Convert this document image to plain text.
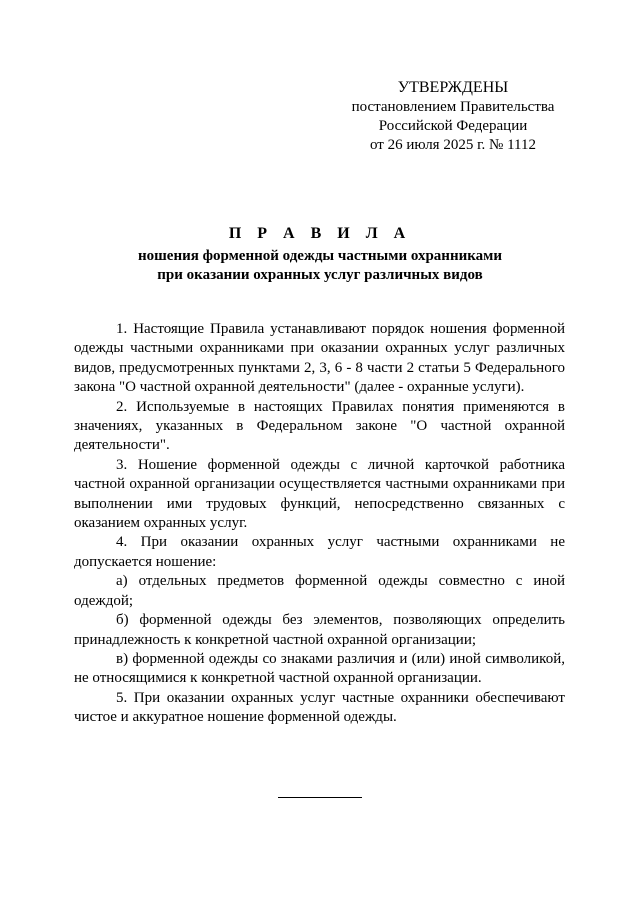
УТВЕРЖДЕНЫ
постановлением Правительства
Российской Федерации
от 26 июля 2025 г. № 1112
П Р А В И Л А
ношения форменной одежды частными охранниками
при оказании охранных услуг различных видов

1. Настоящие Правила устанавливают порядок ношения форменной одежды частными охранниками при оказании охранных услуг различных видов, предусмотренных пунктами 2, 3, 6 - 8 части 2 статьи 5 Федерального закона "О частной охранной деятельности" (далее - охранные услуги).

2. Используемые в настоящих Правилах понятия применяются в значениях, указанных в Федеральном законе "О частной охранной деятельности".

3. Ношение форменной одежды с личной карточкой работника частной охранной организации осуществляется частными охранниками при выполнении ими трудовых функций, непосредственно связанных с оказанием охранных услуг.

4. При оказании охранных услуг частными охранниками не допускается ношение:

а) отдельных предметов форменной одежды совместно с иной одеждой;

б) форменной одежды без элементов, позволяющих определить принадлежность к конкретной частной охранной организации;

в) форменной одежды со знаками различия и (или) иной символикой, не относящимися к конкретной частной охранной организации.

5. При оказании охранных услуг частные охранники обеспечивают чистое и аккуратное ношение форменной одежды.
